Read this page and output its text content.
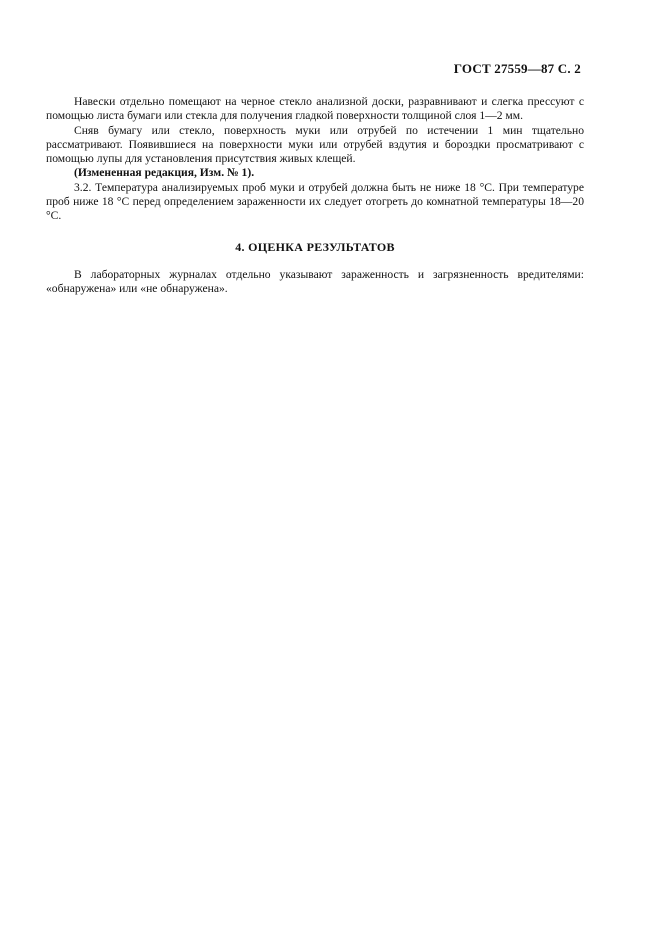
ГОСТ 27559—87 С. 2

Навески отдельно помещают на черное стекло анализной доски, разравнивают и слегка прессуют с помощью листа бумаги или стекла для получения гладкой поверхности толщиной слоя 1—2 мм.

Сняв бумагу или стекло, поверхность муки или отрубей по истечении 1 мин тщательно рассматривают. Появившиеся на поверхности муки или отрубей вздутия и бороздки просматривают с помощью лупы для установления присутствия живых клещей.

(Измененная редакция, Изм. № 1).

3.2. Температура анализируемых проб муки и отрубей должна быть не ниже 18 °С. При температуре проб ниже 18 °С перед определением зараженности их следует отогреть до комнатной температуры 18—20 °С.

4. ОЦЕНКА РЕЗУЛЬТАТОВ

В лабораторных журналах отдельно указывают зараженность и загрязненность вредителями: «обнаружена» или «не обнаружена».
